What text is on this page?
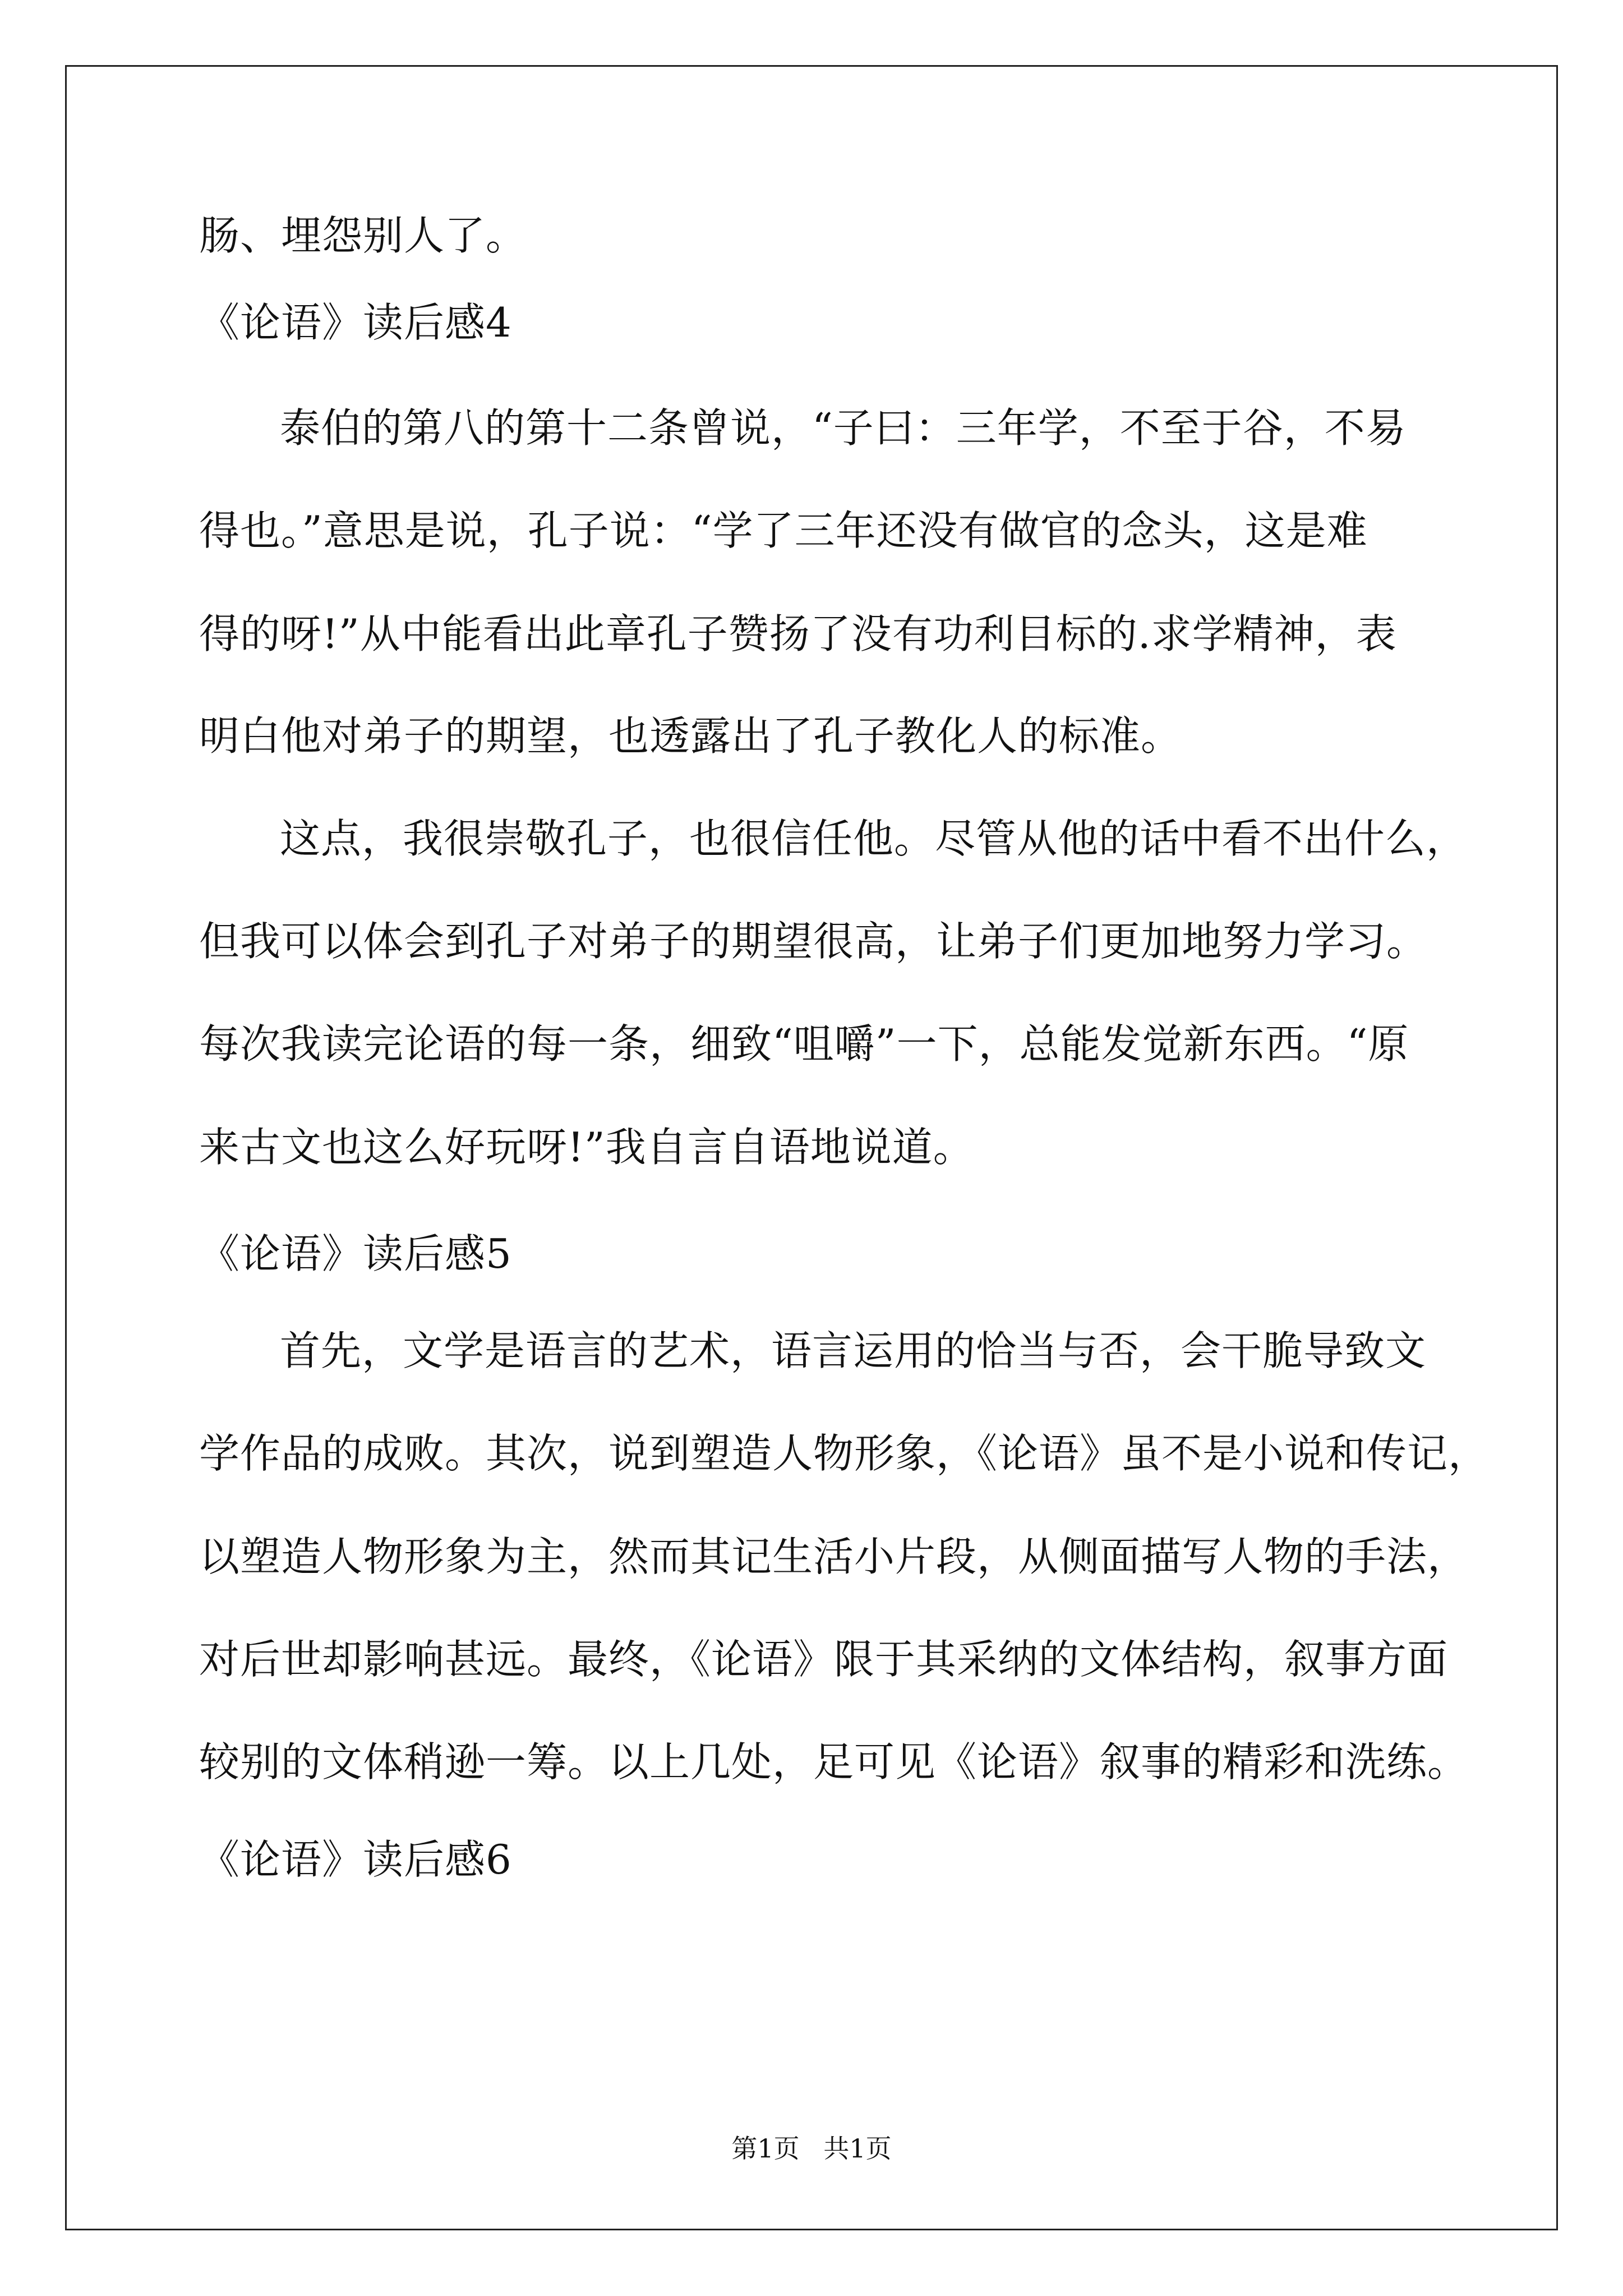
肠、埋怨别人了。
《论语》读后感4
泰伯的第八的第十二条曾说，“子曰：三年学，不至于谷，不易
得也。”意思是说，孔子说：“学了三年还没有做官的念头，这是难
得的呀!”从中能看出此章孔子赞扬了没有功利目标的.求学精神，表
明白他对弟子的期望，也透露出了孔子教化人的标准。
这点，我很崇敬孔子，也很信任他。尽管从他的话中看不出什么，
但我可以体会到孔子对弟子的期望很高，让弟子们更加地努力学习。
每次我读完论语的每一条，细致“咀嚼”一下，总能发觉新东西。“原
来古文也这么好玩呀!”我自言自语地说道。
《论语》读后感5
首先，文学是语言的艺术，语言运用的恰当与否，会干脆导致文
学作品的成败。其次，说到塑造人物形象，《论语》虽不是小说和传记，
以塑造人物形象为主，然而其记生活小片段，从侧面描写人物的手法，
对后世却影响甚远。最终，《论语》限于其采纳的文体结构，叙事方面
较别的文体稍逊一筹。以上几处，足可见《论语》叙事的精彩和洗练。
《论语》读后感6
第1页 共1页
